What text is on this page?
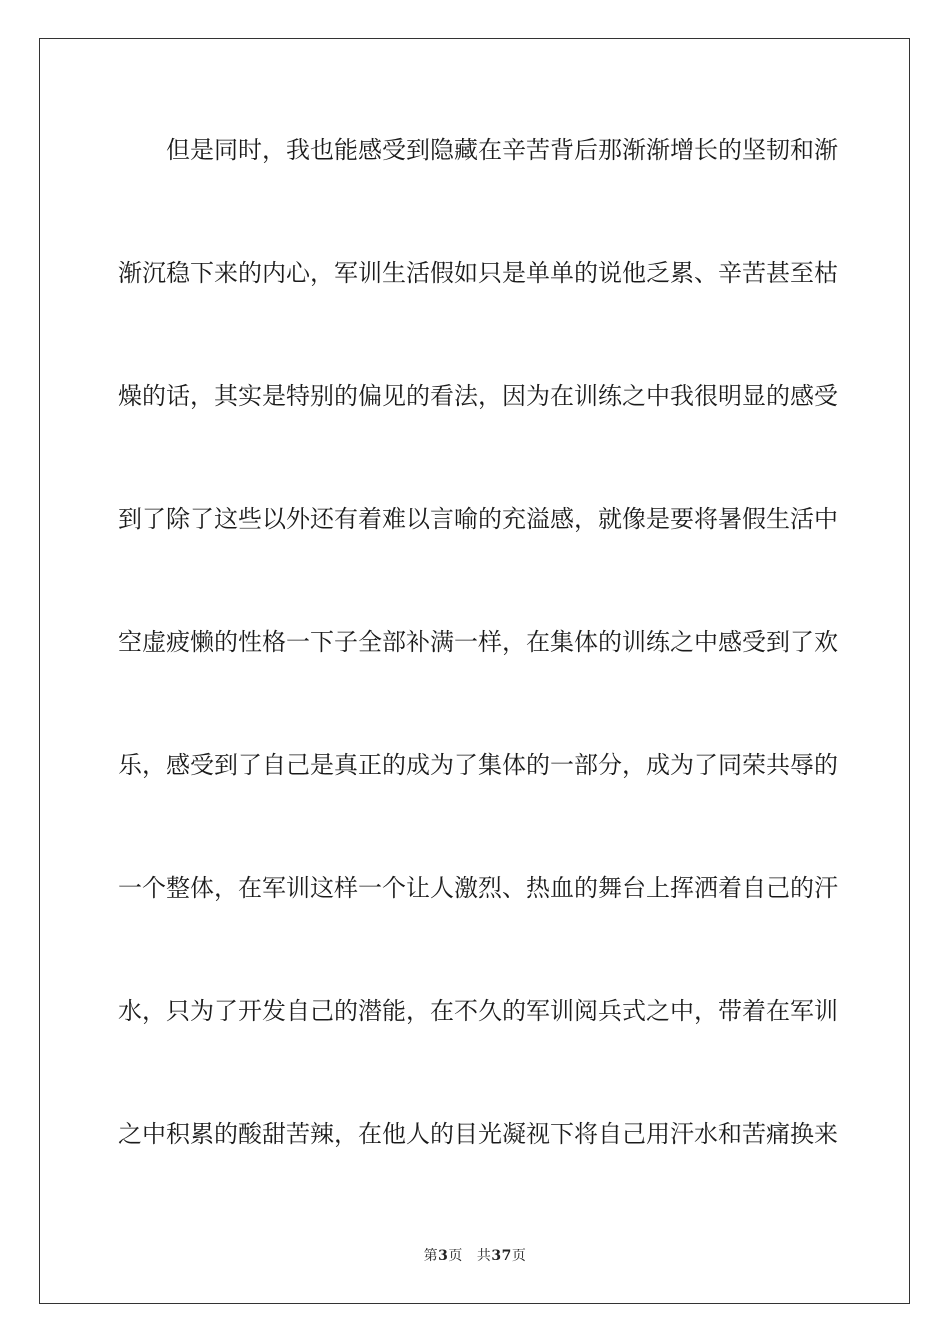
但是同时，我也能感受到隐藏在辛苦背后那渐渐增长的坚韧和渐
渐沉稳下来的内心，军训生活假如只是单单的说他乏累、辛苦甚至枯
燥的话，其实是特别的偏见的看法，因为在训练之中我很明显的感受
到了除了这些以外还有着难以言喻的充溢感，就像是要将暑假生活中
空虚疲懒的性格一下子全部补满一样，在集体的训练之中感受到了欢
乐，感受到了自己是真正的成为了集体的一部分，成为了同荣共辱的
一个整体，在军训这样一个让人激烈、热血的舞台上挥洒着自己的汗
水，只为了开发自己的潜能，在不久的军训阅兵式之中，带着在军训
之中积累的酸甜苦辣，在他人的目光凝视下将自己用汗水和苦痛换来
第3页 共37页
